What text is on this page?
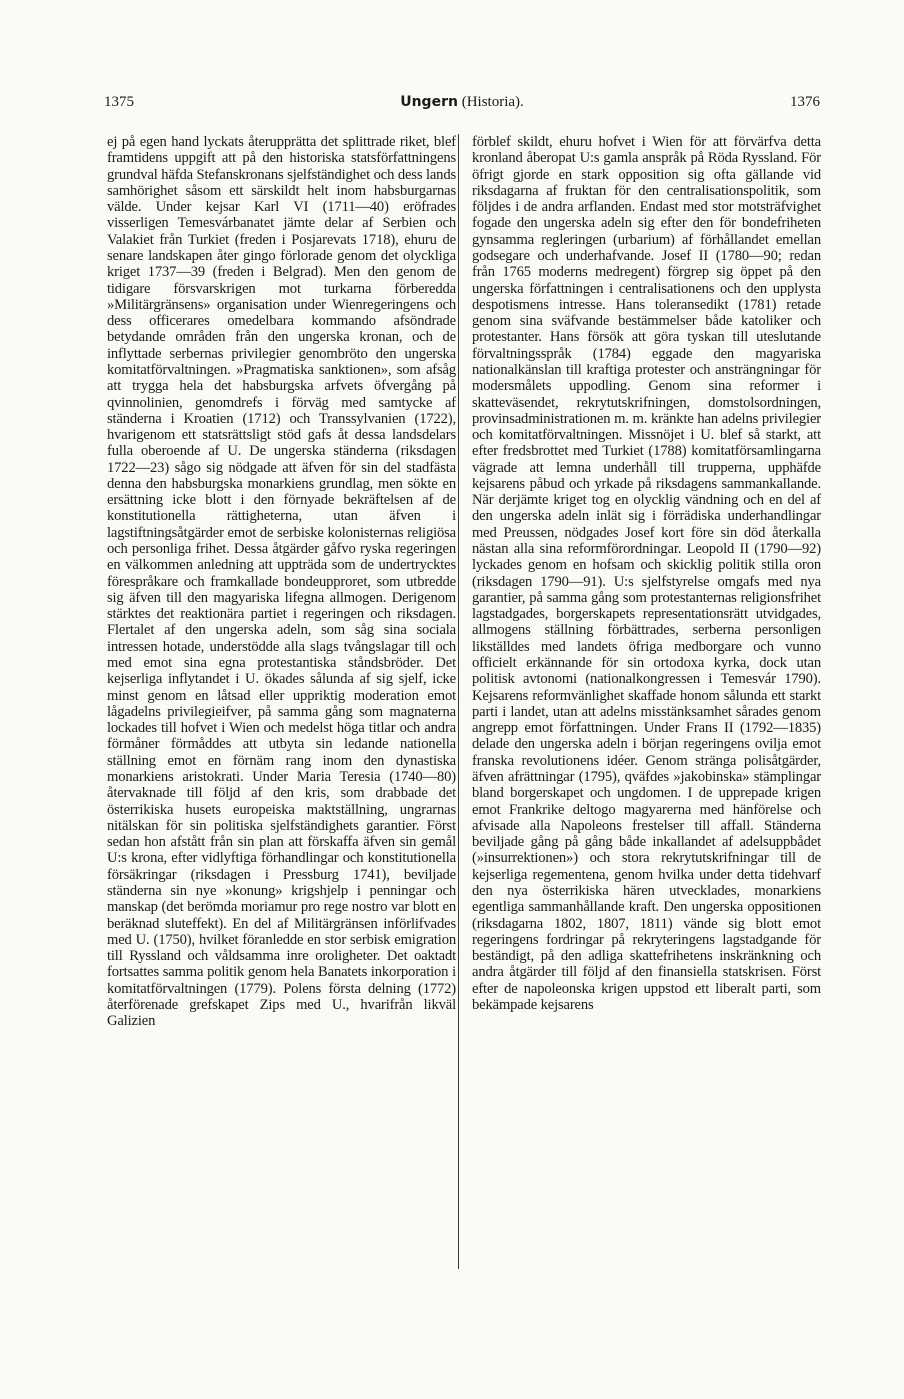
1375	Ungern (Historia).	1376

ej på egen hand lyckats återupprätta det splittrade riket, blef framtidens uppgift att på den historiska statsförfattningens grundval häfda Stefanskronans sjelfständighet och dess lands samhörighet såsom ett särskildt helt inom habsburgarnas välde. Under kejsar Karl VI (1711—40) eröfrades visserligen Temesvárbanatet jämte delar af Serbien och Valakiet från Turkiet (freden i Posjarevats 1718), ehuru de senare landskapen åter gingo förlorade genom det olyckliga kriget 1737—39 (freden i Belgrad). Men den genom de tidigare försvarskrigen mot turkarna förberedda »Militärgränsens» organisation under Wienregeringens och dess officerares omedelbara kommando afsöndrade betydande områden från den ungerska kronan, och de inflyttade serbernas privilegier genombröto den ungerska komitatförvaltningen. »Pragmatiska sanktionen», som afsåg att trygga hela det habsburgska arfvets öfvergång på qvinnolinien, genomdrefs i förväg med samtycke af ständerna i Kroatien (1712) och Transsylvanien (1722), hvarigenom ett statsrättsligt stöd gafs åt dessa landsdelars fulla oberoende af U. De ungerska ständerna (riksdagen 1722—23) sågo sig nödgade att äfven för sin del stadfästa denna den habsburgska monarkiens grundlag, men sökte en ersättning icke blott i den förnyade bekräftelsen af de konstitutionella rättigheterna, utan äfven i lagstiftningsåtgärder emot de serbiske kolonisternas religiösa och personliga frihet. Dessa åtgärder gåfvo ryska regeringen en välkommen anledning att uppträda som de undertrycktes förespråkare och framkallade bondeupproret, som utbredde sig äfven till den magyariska lifegna allmogen. Derigenom stärktes det reaktionära partiet i regeringen och riksdagen. Flertalet af den ungerska adeln, som såg sina sociala intressen hotade, understödde alla slags tvångslagar till och med emot sina egna protestantiska ståndsbröder. Det kejserliga inflytandet i U. ökades sålunda af sig sjelf, icke minst genom en låtsad eller uppriktig moderation emot lågadelns privilegieifver, på samma gång som magnaterna lockades till hofvet i Wien och medelst höga titlar och andra förmåner förmåddes att utbyta sin ledande nationella ställning emot en förnäm rang inom den dynastiska monarkiens aristokrati. Under Maria Teresia (1740—80) återvaknade till följd af den kris, som drabbade det österrikiska husets europeiska maktställning, ungrarnas nitälskan för sin politiska sjelfständighets garantier. Först sedan hon afstått från sin plan att förskaffa äfven sin gemål U:s krona, efter vidlyftiga förhandlingar och konstitutionella försäkringar (riksdagen i Pressburg 1741), beviljade ständerna sin nye »konung» krigshjelp i penningar och manskap (det berömda moriamur pro rege nostro var blott en beräknad sluteffekt). En del af Militärgränsen införlifvades med U. (1750), hvilket föranledde en stor serbisk emigration till Ryssland och våldsamma inre oroligheter. Det oaktadt fortsattes samma politik genom hela Banatets inkorporation i komitatförvaltningen (1779). Polens första delning (1772) återförenade grefskapet Zips med U., hvarifrån likväl Galizien

förblef skildt, ehuru hofvet i Wien för att förvärfva detta kronland åberopat U:s gamla anspråk på Röda Ryssland. För öfrigt gjorde en stark opposition sig ofta gällande vid riksdagarna af fruktan för den centralisationspolitik, som följdes i de andra arflanden. Endast med stor motsträfvighet fogade den ungerska adeln sig efter den för bondefriheten gynsamma regleringen (urbarium) af förhållandet emellan godsegare och underhafvande. Josef II (1780—90; redan från 1765 moderns medregent) förgrep sig öppet på den ungerska författningen i centralisationens och den upplysta despotismens intresse. Hans toleransedikt (1781) retade genom sina sväfvande bestämmelser både katoliker och protestanter. Hans försök att göra tyskan till uteslutande förvaltningsspråk (1784) eggade den magyariska nationalkänslan till kraftiga protester och ansträngningar för modersmålets uppodling. Genom sina reformer i skatteväsendet, rekrytutskrifningen, domstolsordningen, provinsadministrationen m. m. kränkte han adelns privilegier och komitatförvaltningen. Missnöjet i U. blef så starkt, att efter fredsbrottet med Turkiet (1788) komitatförsamlingarna vägrade att lemna underhåll till trupperna, upphäfde kejsarens påbud och yrkade på riksdagens sammankallande. När derjämte kriget tog en olycklig vändning och en del af den ungerska adeln inlät sig i förrädiska underhandlingar med Preussen, nödgades Josef kort före sin död återkalla nästan alla sina reformförordningar. Leopold II (1790—92) lyckades genom en hofsam och skicklig politik stilla oron (riksdagen 1790—91). U:s sjelfstyrelse omgafs med nya garantier, på samma gång som protestanternas religionsfrihet lagstadgades, borgerskapets representationsrätt utvidgades, allmogens ställning förbättrades, serberna personligen likställdes med landets öfriga medborgare och vunno officielt erkännande för sin ortodoxa kyrka, dock utan politisk avtonomi (nationalkongressen i Temesvár 1790). Kejsarens reformvänlighet skaffade honom sålunda ett starkt parti i landet, utan att adelns misstänksamhet sårades genom angrepp emot författningen. Under Frans II (1792—1835) delade den ungerska adeln i början regeringens ovilja emot franska revolutionens idéer. Genom stränga polisåtgärder, äfven afrättningar (1795), qväfdes »jakobinska» stämplingar bland borgerskapet och ungdomen. I de upprepade krigen emot Frankrike deltogo magyarerna med hänförelse och afvisade alla Napoleons frestelser till affall. Ständerna beviljade gång på gång både inkallandet af adelsuppbådet (»insurrektionen») och stora rekrytutskrifningar till de kejserliga regementena, genom hvilka under detta tidehvarf den nya österrikiska hären utvecklades, monarkiens egentliga sammanhållande kraft. Den ungerska oppositionen (riksdagarna 1802, 1807, 1811) vände sig blott emot regeringens fordringar på rekryteringens lagstadgande för beständigt, på den adliga skattefrihetens inskränkning och andra åtgärder till följd af den finansiella statskrisen. Först efter de napoleonska krigen uppstod ett liberalt parti, som bekämpade kejsarens
